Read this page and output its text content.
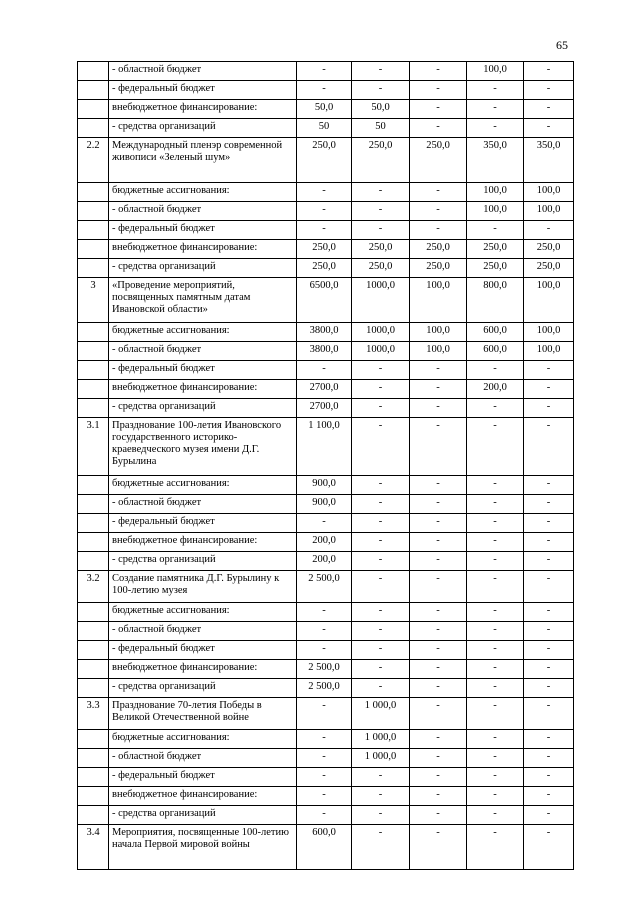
65
	- областной бюджет	-	-	-	100,0	-
	- федеральный бюджет	-	-	-	-	-
	внебюджетное финансирование:	50,0	50,0	-	-	-
	- средства организаций	50	50	-	-	-
2.2	Международный пленэр современной живописи «Зеленый шум»	250,0	250,0	250,0	350,0	350,0
	бюджетные ассигнования:	-	-	-	100,0	100,0
	- областной бюджет	-	-	-	100,0	100,0
	- федеральный бюджет	-	-	-	-	-
	внебюджетное финансирование:	250,0	250,0	250,0	250,0	250,0
	- средства организаций	250,0	250,0	250,0	250,0	250,0
3	«Проведение мероприятий, посвященных памятным датам Ивановской области»	6500,0	1000,0	100,0	800,0	100,0
	бюджетные ассигнования:	3800,0	1000,0	100,0	600,0	100,0
	- областной бюджет	3800,0	1000,0	100,0	600,0	100,0
	- федеральный бюджет	-	-	-	-	-
	внебюджетное финансирование:	2700,0	-	-	200,0	-
	- средства организаций	2700,0	-	-	-	-
3.1	Празднование 100-летия Ивановского государственного историко-краеведческого музея имени Д.Г. Бурылина	1 100,0	-	-	-	-
	бюджетные ассигнования:	900,0	-	-	-	-
	- областной бюджет	900,0	-	-	-	-
	- федеральный бюджет	-	-	-	-	-
	внебюджетное финансирование:	200,0	-	-	-	-
	- средства организаций	200,0	-	-	-	-
3.2	Создание памятника Д.Г. Бурылину к 100-летию музея	2 500,0	-	-	-	-
	бюджетные ассигнования:	-	-	-	-	-
	- областной бюджет	-	-	-	-	-
	- федеральный бюджет	-	-	-	-	-
	внебюджетное финансирование:	2 500,0	-	-	-	-
	- средства организаций	2 500,0	-	-	-	-
3.3	Празднование 70-летия Победы в Великой Отечественной войне	-	1 000,0	-	-	-
	бюджетные ассигнования:	-	1 000,0	-	-	-
	- областной бюджет	-	1 000,0	-	-	-
	- федеральный бюджет	-	-	-	-	-
	внебюджетное финансирование:	-	-	-	-	-
	- средства организаций	-	-	-	-	-
3.4	Мероприятия, посвященные 100-летию начала Первой мировой войны	600,0	-	-	-	-
